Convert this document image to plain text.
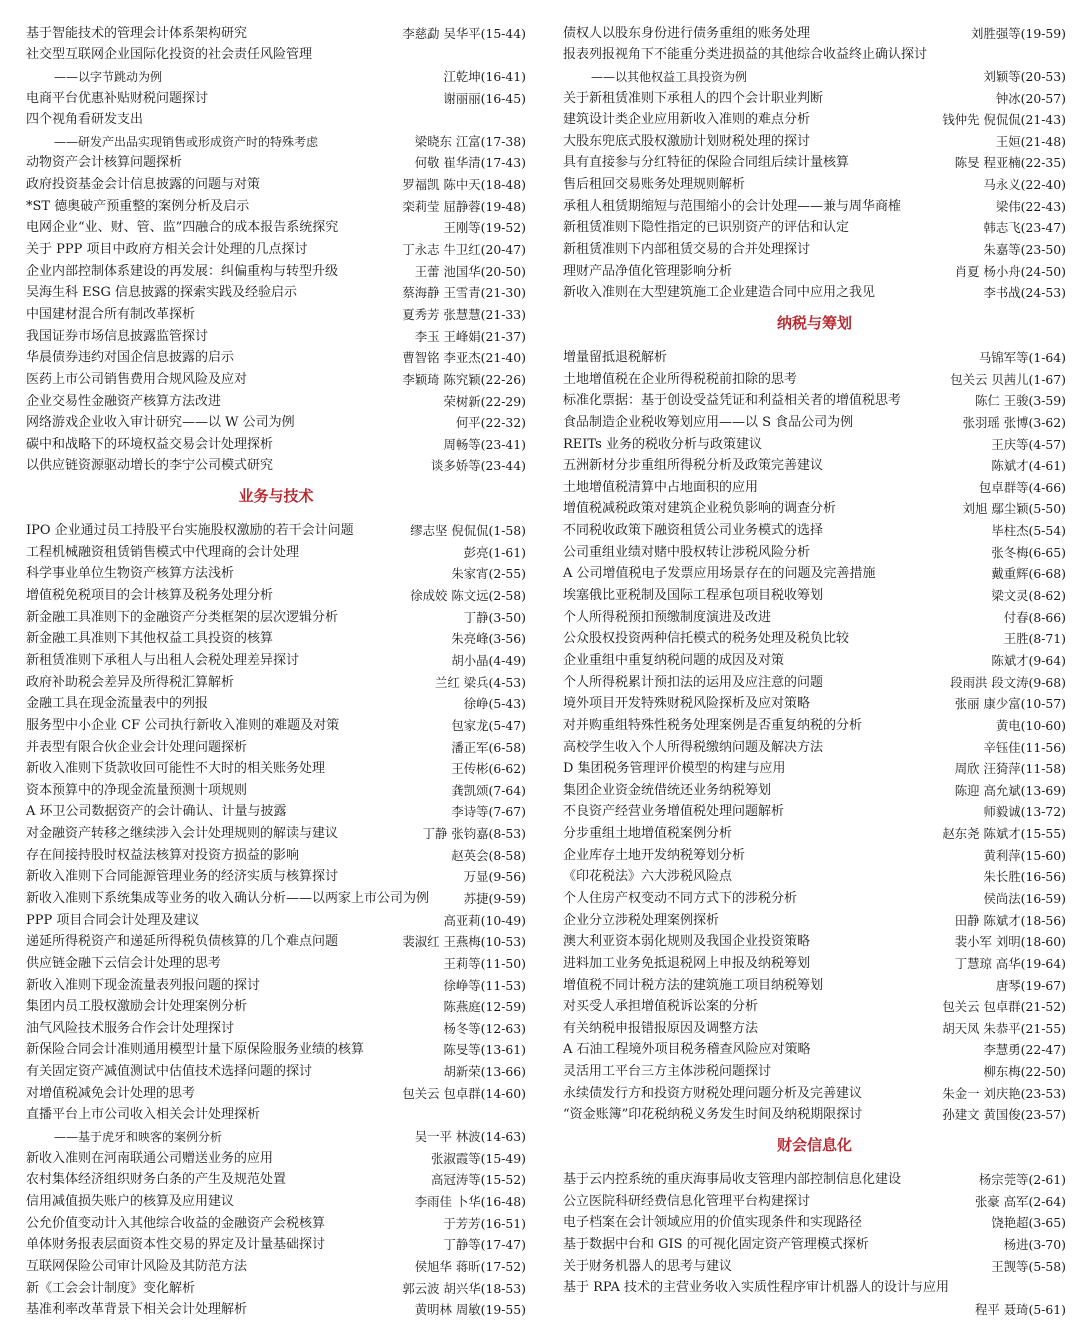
基于智能技术的管理会计体系架构研究	李慈勐 吴华平(15-44)
社交型互联网企业国际化投资的社会责任风险管理
——以字节跳动为例	江乾坤(16-41)
电商平台优惠补贴财税问题探讨	谢丽丽(16-45)
四个视角看研发支出
——研发产出品实现销售或形成资产时的特殊考虑	梁晓东 江富(17-38)
动物资产会计核算问题探析	何敬 崔华清(17-43)
政府投资基金会计信息披露的问题与对策	罗福凯 陈中天(18-48)
*ST 德奥破产预重整的案例分析及启示	栾莉莹 屈静蓉(19-48)
电网企业“业、财、管、监”四融合的成本报告系统探究	王刚等(19-52)
关于 PPP 项目中政府方相关会计处理的几点探讨	丁永志 牛卫红(20-47)
企业内部控制体系建设的再发展：纠偏重构与转型升级	王蕾 池国华(20-50)
吴海生科 ESG 信息披露的探索实践及经验启示	蔡海静 王雪青(21-30)
中国建材混合所有制改革探析	夏秀芳 张慧慧(21-33)
我国证券市场信息披露监管探讨	李玉 王峰娟(21-37)
华晨债券违约对国企信息披露的启示	曹智铭 李亚杰(21-40)
医药上市公司销售费用合规风险及应对	李颖琦 陈究颖(22-26)
企业交易性金融资产核算方法改进	荣树新(22-29)
网络游戏企业收入审计研究——以 W 公司为例	何平(22-32)
碳中和战略下的环境权益交易会计处理探析	周畅等(23-41)
以供应链资源驱动增长的李宁公司模式研究	谈多娇等(23-44)
业务与技术
IPO 企业通过员工持股平台实施股权激励的若干会计问题	缪志坚 倪侃侃(1-58)
工程机械融资租赁销售模式中代理商的会计处理	彭亮(1-61)
科学事业单位生物资产核算方法浅析	朱家宵(2-55)
增值税免税项目的会计核算及税务处理分析	徐成姣 陈文远(2-58)
新金融工具准则下的金融资产分类框架的层次逻辑分析	丁静(3-50)
新金融工具准则下其他权益工具投资的核算	朱亮峰(3-56)
新租赁准则下承租人与出租人会税处理差异探讨	胡小晶(4-49)
政府补助税会差异及所得税汇算解析	兰红 梁兵(4-53)
金融工具在现金流量表中的列报	徐峥(5-43)
服务型中小企业 CF 公司执行新收入准则的难题及对策	包家龙(5-47)
并表型有限合伙企业会计处理问题探析	潘正军(6-58)
新收入准则下货款收回可能性不大时的相关账务处理	王传彬(6-62)
资本预算中的净现金流量预测十项规则	龚凯颂(7-64)
A 环卫公司数据资产的会计确认、计量与披露	李诗等(7-67)
对金融资产转移之继续涉入会计处理规则的解读与建议	丁静 张钧嘉(8-53)
存在间接持股时权益法核算对投资方损益的影响	赵英会(8-58)
新收入准则下合同能源管理业务的经济实质与核算探讨	万显(9-56)
新收入准则下系统集成等业务的收入确认分析——以两家上市公司为例	苏捷(9-59)
PPP 项目合同会计处理及建议	高亚莉(10-49)
递延所得税资产和递延所得税负债核算的几个难点问题	裴淑红 王燕梅(10-53)
供应链金融下云信会计处理的思考	王莉等(11-50)
新收入准则下现金流量表列报问题的探讨	徐峥等(11-53)
集团内员工股权激励会计处理案例分析	陈燕庭(12-59)
油气风险技术服务合作会计处理探讨	杨冬等(12-63)
新保险合同会计准则通用模型计量下原保险服务业绩的核算	陈旻等(13-61)
有关固定资产减值测试中估值技术选择问题的探讨	胡新荣(13-66)
对增值税减免会计处理的思考	包关云 包卓群(14-60)
直播平台上市公司收入相关会计处理探析
——基于虎牙和映客的案例分析	吴一平 林波(14-63)
新收入准则在河南联通公司赠送业务的应用	张淑霞等(15-49)
农村集体经济组织财务白条的产生及规范处置	高冠涛等(15-52)
信用减值损失账户的核算及应用建议	李雨佳 卜华(16-48)
公允价值变动计入其他综合收益的金融资产会税核算	于芳芳(16-51)
单体财务报表层面资本性交易的界定及计量基础探讨	丁静等(17-47)
互联网保险公司审计风险及其防范方法	侯旭华 蒋昕(17-52)
新《工会会计制度》变化解析	郭云波 胡兴华(18-53)
基准利率改革背景下相关会计处理解析	黄明林 周敏(19-55)
债权人以股东身份进行债务重组的账务处理	刘胜强等(19-59)
报表列报视角下不能重分类进损益的其他综合收益终止确认探讨
——以其他权益工具投资为例	刘颖等(20-53)
关于新租赁准则下承租人的四个会计职业判断	钟冰(20-57)
建筑设计类企业应用新收入准则的难点分析	钱仲先 倪侃侃(21-43)
大股东兜底式股权激励计划财税处理的探讨	王姮(21-48)
具有直接参与分红特征的保险合同组后续计量核算	陈旻 程亚楠(22-35)
售后租回交易账务处理规则解析	马永义(22-40)
承租人租赁期缩短与范围缩小的会计处理——兼与周华商榷	梁伟(22-43)
新租赁准则下隐性指定的已识别资产的评估和认定	韩志飞(23-47)
新租赁准则下内部租赁交易的合并处理探讨	朱嘉等(23-50)
理财产品净值化管理影响分析	肖夏 杨小舟(24-50)
新收入准则在大型建筑施工企业建造合同中应用之我见	李书战(24-53)
纳税与筹划
增量留抵退税解析	马锦军等(1-64)
土地增值税在企业所得税税前扣除的思考	包关云 贝茜儿(1-67)
标准化票据：基于创设受益凭证和利益相关者的增值税思考	陈仁 王骏(3-59)
食品制造企业税收筹划应用——以 S 食品公司为例	张羽瑶 张博(3-62)
REITs 业务的税收分析与政策建议	王庆等(4-57)
五洲新材分步重组所得税分析及政策完善建议	陈斌才(4-61)
土地增值税清算中占地面积的应用	包卓群等(4-66)
增值税减税政策对建筑企业税负影响的调查分析	刘旭 鄢尘颖(5-50)
不同税收政策下融资租赁公司业务模式的选择	毕柱杰(5-54)
公司重组业绩对赌中股权转让涉税风险分析	张冬梅(6-65)
A 公司增值税电子发票应用场景存在的问题及完善措施	戴重辉(6-68)
埃塞俄比亚税制及国际工程承包项目税收筹划	梁文灵(8-62)
个人所得税预扣预缴制度演进及改进	付春(8-66)
公众股权投资两种信托模式的税务处理及税负比较	王胜(8-71)
企业重组中重复纳税问题的成因及对策	陈斌才(9-64)
个人所得税累计预扣法的运用及应注意的问题	段雨洪 段文涛(9-68)
境外项目开发特殊财税风险探析及应对策略	张丽 康少富(10-57)
对并购重组特殊性税务处理案例是否重复纳税的分析	黄电(10-60)
高校学生收入个人所得税缴纳问题及解决方法	辛钰佳(11-56)
D 集团税务管理评价模型的构建与应用	周欣 汪猗萍(11-58)
集团企业资金统借统还业务纳税筹划	陈迎 高允斌(13-69)
不良资产经营业务增值税处理问题解析	师毅诚(13-72)
分步重组土地增值税案例分析	赵东尧 陈斌才(15-55)
企业库存土地开发纳税筹划分析	黄利萍(15-60)
《印花税法》六大涉税风险点	朱长胜(16-56)
个人住房产权变动不同方式下的涉税分析	侯尚法(16-59)
企业分立涉税处理案例探析	田静 陈斌才(18-56)
澳大利亚资本弱化规则及我国企业投资策略	裴小军 刘明(18-60)
进料加工业务免抵退税网上申报及纳税筹划	丁慧琼 高华(19-64)
增值税不同计税方法的建筑施工项目纳税筹划	唐琴(19-67)
对买受人承担增值税诉讼案的分析	包关云 包卓群(21-52)
有关纳税申报错报原因及调整方法	胡天凤 朱恭平(21-55)
A 石油工程境外项目税务稽查风险应对策略	李慧勇(22-47)
灵活用工平台三方主体涉税问题探讨	柳东梅(22-50)
永续债发行方和投资方财税处理问题分析及完善建议	朱金一 刘庆艳(23-53)
“资金账簿”印花税纳税义务发生时间及纳税期限探讨	孙建文 黄国俊(23-57)
财会信息化
基于云内控系统的重庆海事局收支管理内部控制信息化建设	杨宗莞等(2-61)
公立医院科研经费信息化管理平台构建探讨	张豪 高军(2-64)
电子档案在会计领域应用的价值实现条件和实现路径	饶艳超(3-65)
基于数据中台和 GIS 的可视化固定资产管理模式探析	杨进(3-70)
关于财务机器人的思考与建议	王觊等(5-58)
基于 RPA 技术的主营业务收入实质性程序审计机器人的设计与应用
程平 聂琦(5-61)
